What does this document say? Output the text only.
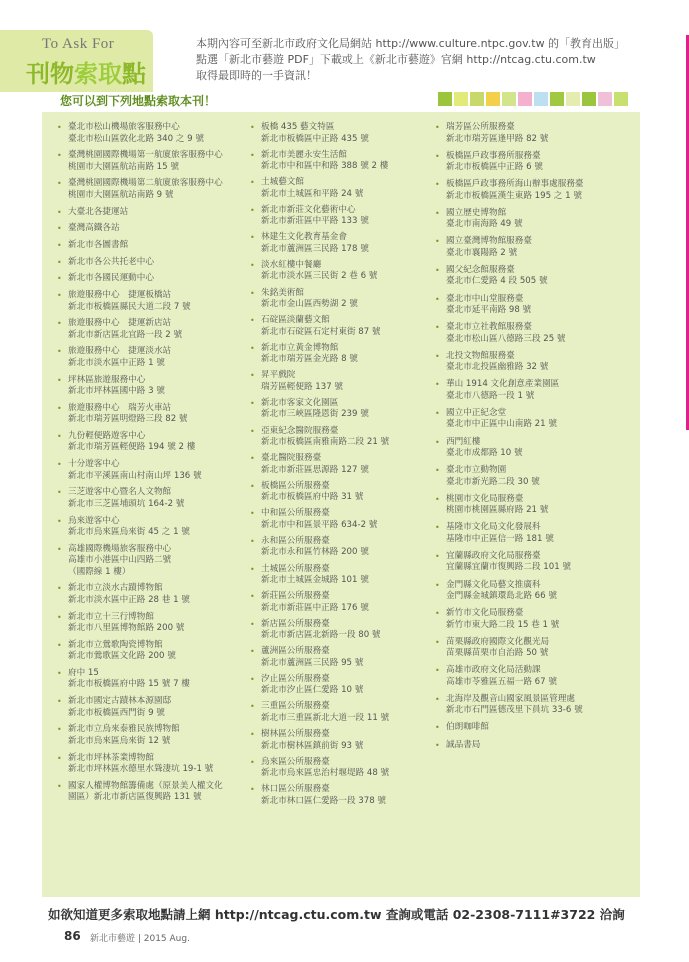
To Ask For
刊物索取點
本期內容可至新北市政府文化局網站 http://www.culture.ntpc.gov.tw 的「教育出版」
點選「新北市藝遊 PDF」下載或上《新北市藝遊》官網 http://ntcag.ctu.com.tw
取得最即時的一手資訊！
您可以到下列地點索取本刊！
• 臺北市松山機場旅客服務中心
臺北市松山區敦化北路 340 之 9 號
• 臺灣桃園國際機場第一航廈旅客服務中心
桃園市大園區航站南路 15 號
• 臺灣桃園國際機場第二航廈旅客服務中心
桃園市大園區航站南路 9 號
• 大臺北各捷運站
• 臺灣高鐵各站
• 新北市各圖書館
• 新北市各公共托老中心
• 新北市各國民運動中心
• 旅遊服務中心　捷運板橋站
新北市板橋區縣民大道二段 7 號
• 旅遊服務中心　捷運新店站
新北市新店區北宜路一段 2 號
• 旅遊服務中心　捷運淡水站
新北市淡水區中正路 1 號
• 坪林區旅遊服務中心
新北市坪林區國中路 3 號
• 旅遊服務中心　瑞芳火車站
新北市瑞芳區明燈路三段 82 號
• 九份輕便路遊客中心
新北市瑞芳區輕便路 194 號 2 樓
• 十分遊客中心
新北市平溪區南山村南山坪 136 號
• 三芝遊客中心暨名人文物館
新北市三芝區埔頭坑 164-2 號
• 烏來遊客中心
新北市烏來區烏來街 45 之 1 號
• 高雄國際機場旅客服務中心
高雄市小港區中山四路二號
（國際線 1 樓）
• 新北市立淡水古蹟博物館
新北市淡水區中正路 28 巷 1 號
• 新北市立十三行博物館
新北市八里區博物館路 200 號
• 新北市立鶯歌陶瓷博物館
新北市鶯歌區文化路 200 號
• 府中 15
新北市板橋區府中路 15 號 7 樓
• 新北市國定古蹟林本源園邸
新北市板橋區西門街 9 號
• 新北市立烏來泰雅民族博物館
新北市烏來區烏來街 12 號
• 新北市坪林茶業博物館
新北市坪林區水德里水聳淒坑 19-1 號
• 國家人權博物館籌備處（原景美人權文化
園區）新北市新店區復興路 131 號
• 板橋 435 藝文特區
新北市板橋區中正路 435 號
• 新北市美麗永安生活館
新北市中和區中和路 388 號 2 樓
• 土城藝文館
新北市土城區和平路 24 號
• 新北市新莊文化藝術中心
新北市新莊區中平路 133 號
• 林建生文化教育基金會
新北市蘆洲區三民路 178 號
• 淡水紅樓中餐廳
新北市淡水區三民街 2 巷 6 號
• 朱銘美術館
新北市金山區西勢湖 2 號
• 石碇區淡蘭藝文館
新北市石碇區石定村東街 87 號
• 新北市立黃金博物館
新北市瑞芳區金光路 8 號
• 昇平戲院
瑞芳區輕便路 137 號
• 新北市客家文化園區
新北市三峽區隆恩街 239 號
• 亞東紀念醫院服務臺
新北市板橋區南雅南路二段 21 號
• 臺北醫院服務臺
新北市新莊區思源路 127 號
• 板橋區公所服務臺
新北市板橋區府中路 31 號
• 中和區公所服務臺
新北市中和區景平路 634-2 號
• 永和區公所服務臺
新北市永和區竹林路 200 號
• 土城區公所服務臺
新北市土城區金城路 101 號
• 新莊區公所服務臺
新北市新莊區中正路 176 號
• 新店區公所服務臺
新北市新店區北新路一段 80 號
• 蘆洲區公所服務臺
新北市蘆洲區三民路 95 號
• 汐止區公所服務臺
新北市汐止區仁愛路 10 號
• 三重區公所服務臺
新北市三重區新北大道一段 11 號
• 樹林區公所服務臺
新北市樹林區鎮前街 93 號
• 烏來區公所服務臺
新北市烏來區忠治村堰堤路 48 號
• 林口區公所服務臺
新北市林口區仁愛路一段 378 號
• 瑞芳區公所服務臺
新北市瑞芳區逢甲路 82 號
• 板橋區戶政事務所服務臺
新北市板橋區中正路 6 號
• 板橋區戶政事務所海山辦事處服務臺
新北市板橋區漢生東路 195 之 1 號
• 國立歷史博物館
臺北市南海路 49 號
• 國立臺灣博物館服務臺
臺北市襄陽路 2 號
• 國父紀念館服務臺
臺北市仁愛路 4 段 505 號
• 臺北市中山堂服務臺
臺北市延平南路 98 號
• 臺北市立社教館服務臺
臺北市松山區八德路三段 25 號
• 北投文物館服務臺
臺北市北投區幽雅路 32 號
• 華山 1914 文化創意產業園區
臺北市八德路一段 1 號
• 國立中正紀念堂
臺北市中正區中山南路 21 號
• 西門紅樓
臺北市成都路 10 號
• 臺北市立動物園
臺北市新光路二段 30 號
• 桃園市文化局服務臺
桃園市桃園區縣府路 21 號
• 基隆市文化局文化發展科
基隆市中正區信一路 181 號
• 宜蘭縣政府文化局服務臺
宜蘭縣宜蘭市復興路二段 101 號
• 金門縣文化局藝文推廣科
金門縣金城鎮環島北路 66 號
• 新竹市文化局服務臺
新竹市東大路二段 15 巷 1 號
• 苗栗縣政府國際文化觀光局
苗栗縣苗栗市自治路 50 號
• 高雄市政府文化局活動課
高雄市苓雅區五福一路 67 號
• 北海岸及觀音山國家風景區管理處
新北市石門區德茂里下員坑 33-6 號
• 伯朗咖啡館
• 誠品書局
如欲知道更多索取地點請上網 http://ntcag.ctu.com.tw 查詢或電話 02-2308-7111#3722 洽詢
86 新北市藝遊 | 2015 Aug.
